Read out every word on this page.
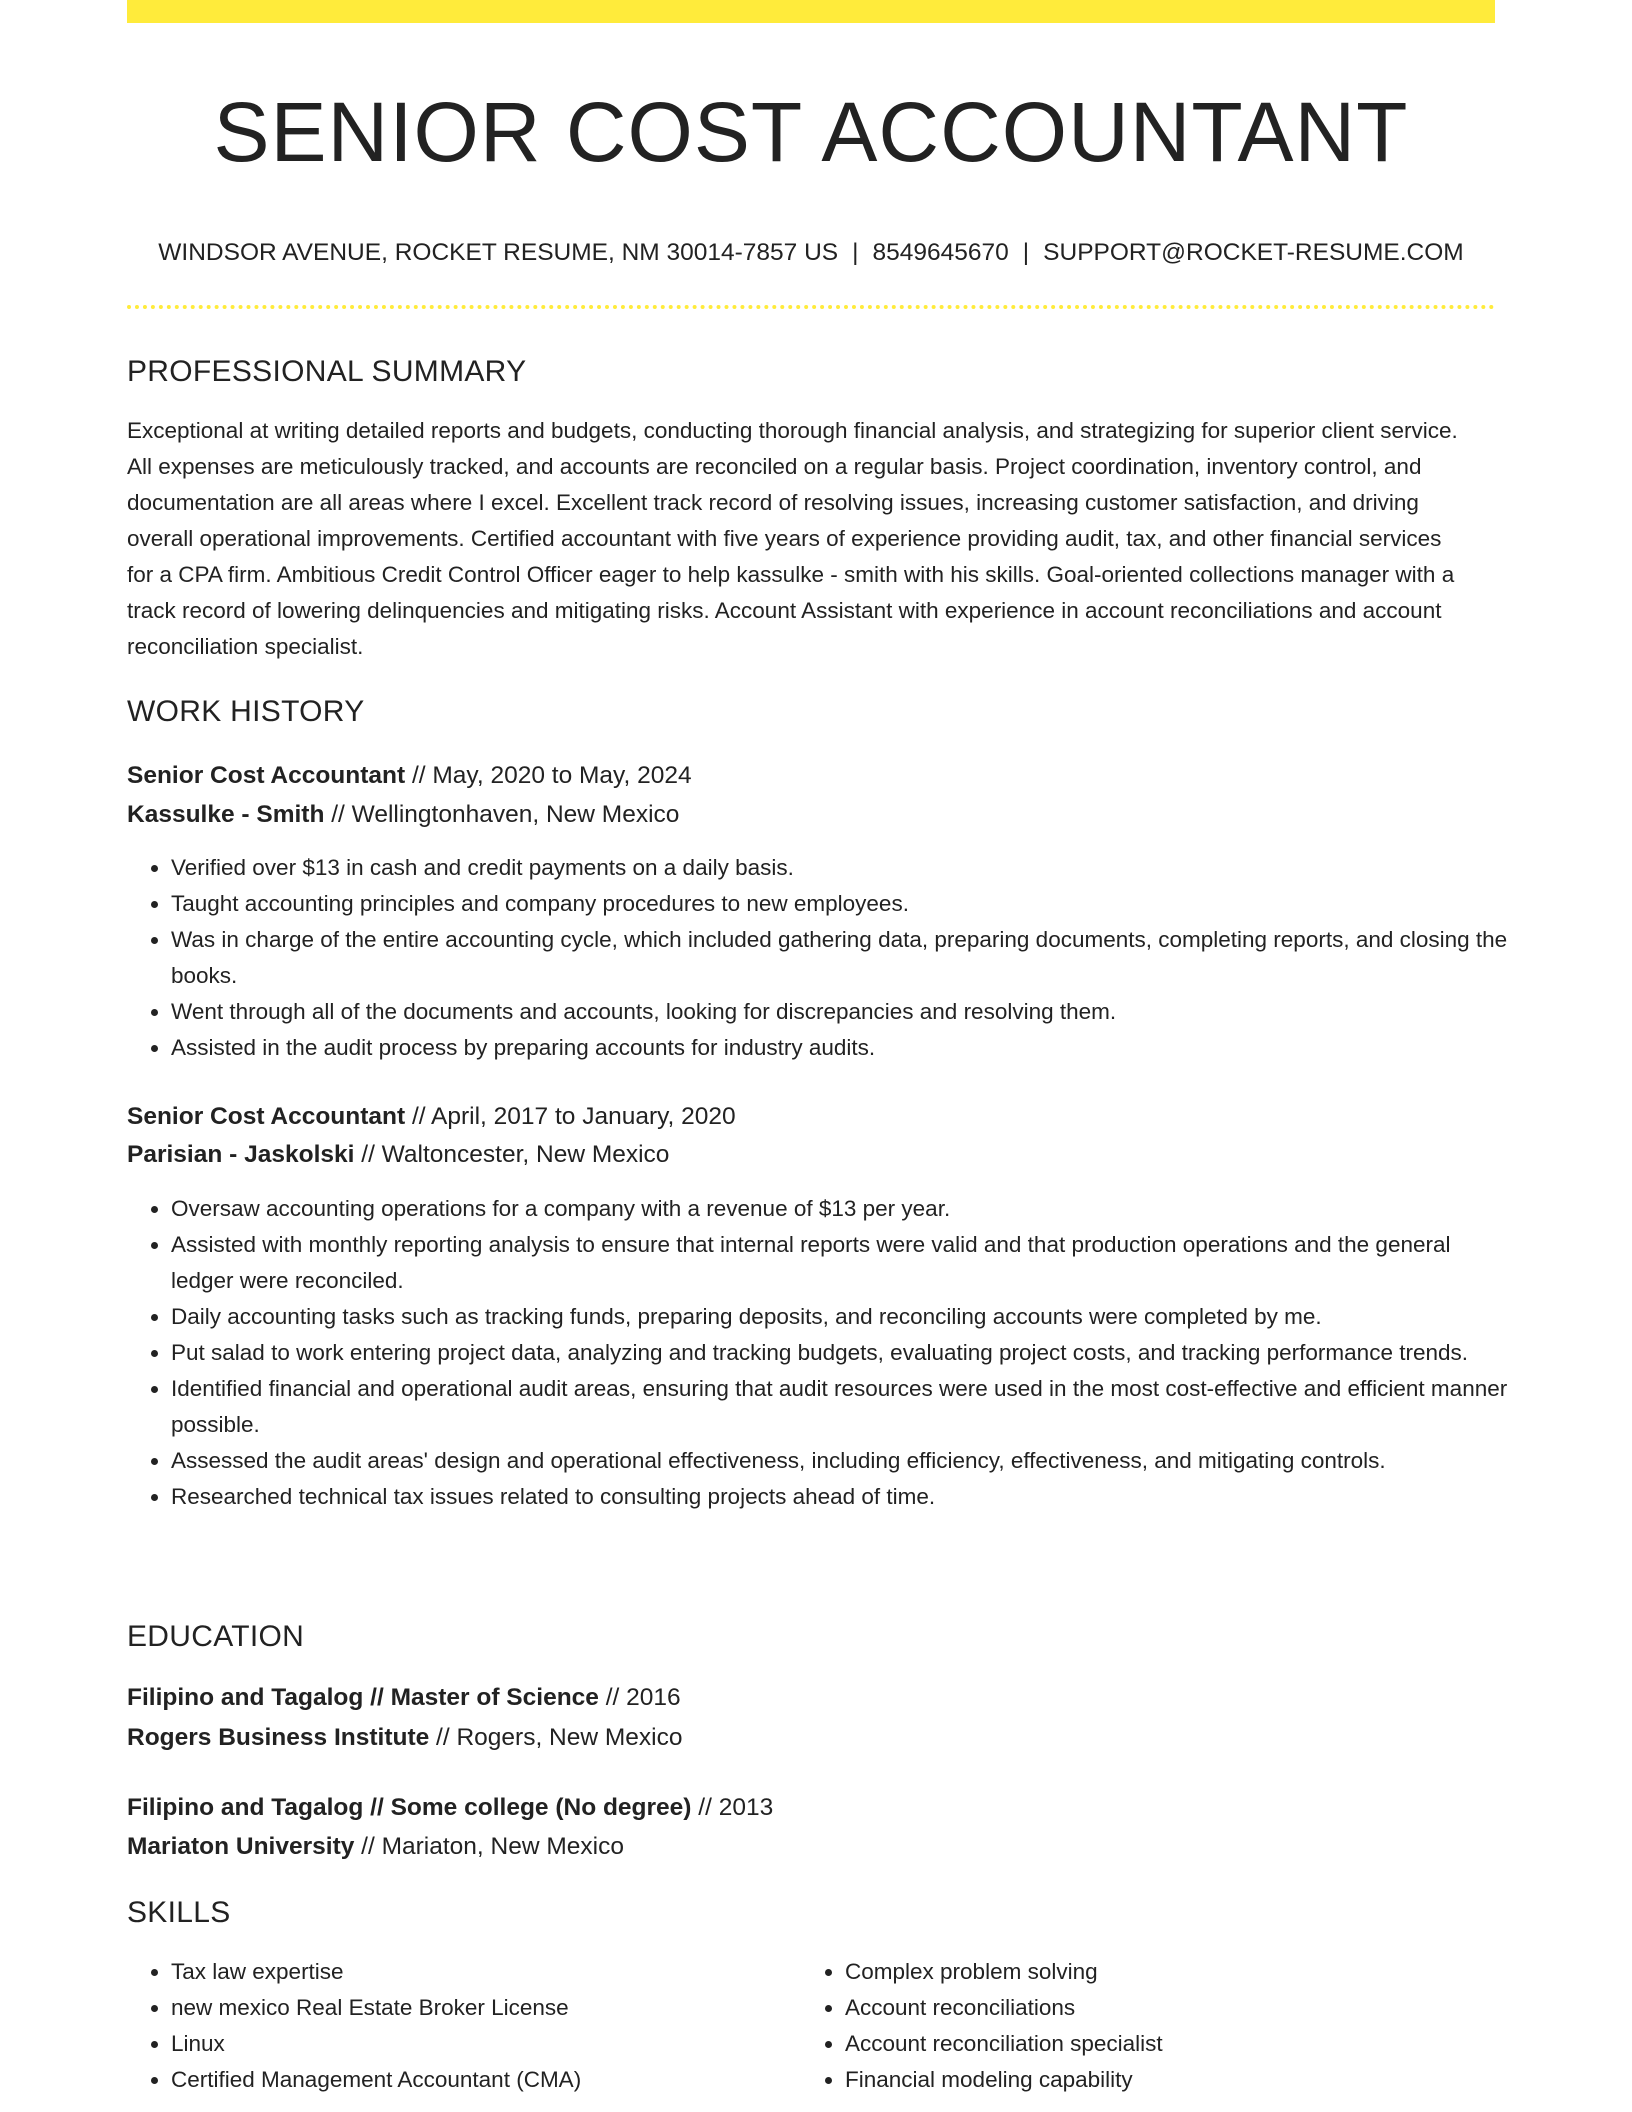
SENIOR COST ACCOUNTANT
WINDSOR AVENUE, ROCKET RESUME, NM 30014-7857 US | 8549645670 | SUPPORT@ROCKET-RESUME.COM
PROFESSIONAL SUMMARY

Exceptional at writing detailed reports and budgets, conducting thorough financial analysis, and strategizing for superior client service. All expenses are meticulously tracked, and accounts are reconciled on a regular basis. Project coordination, inventory control, and documentation are all areas where I excel. Excellent track record of resolving issues, increasing customer satisfaction, and driving overall operational improvements. Certified accountant with five years of experience providing audit, tax, and other financial services for a CPA firm. Ambitious Credit Control Officer eager to help kassulke - smith with his skills. Goal-oriented collections manager with a track record of lowering delinquencies and mitigating risks. Account Assistant with experience in account reconciliations and account reconciliation specialist.

WORK HISTORY
Senior Cost Accountant // May, 2020 to May, 2024
Kassulke - Smith // Wellingtonhaven, New Mexico
• Verified over $13 in cash and credit payments on a daily basis.
• Taught accounting principles and company procedures to new employees.
• Was in charge of the entire accounting cycle, which included gathering data, preparing documents, completing reports, and closing the books.
• Went through all of the documents and accounts, looking for discrepancies and resolving them.
• Assisted in the audit process by preparing accounts for industry audits.
Senior Cost Accountant // April, 2017 to January, 2020
Parisian - Jaskolski // Waltoncester, New Mexico
• Oversaw accounting operations for a company with a revenue of $13 per year.
• Assisted with monthly reporting analysis to ensure that internal reports were valid and that production operations and the general ledger were reconciled.
• Daily accounting tasks such as tracking funds, preparing deposits, and reconciling accounts were completed by me.
• Put salad to work entering project data, analyzing and tracking budgets, evaluating project costs, and tracking performance trends.
• Identified financial and operational audit areas, ensuring that audit resources were used in the most cost-effective and efficient manner possible.
• Assessed the audit areas' design and operational effectiveness, including efficiency, effectiveness, and mitigating controls.
• Researched technical tax issues related to consulting projects ahead of time.
EDUCATION
Filipino and Tagalog // Master of Science // 2016
Rogers Business Institute // Rogers, New Mexico
Filipino and Tagalog // Some college (No degree) // 2013
Mariaton University // Mariaton, New Mexico
SKILLS
• Tax law expertise
• new mexico Real Estate Broker License
• Linux
• Certified Management Accountant (CMA)
• Complex problem solving
• Account reconciliations
• Account reconciliation specialist
• Financial modeling capability
